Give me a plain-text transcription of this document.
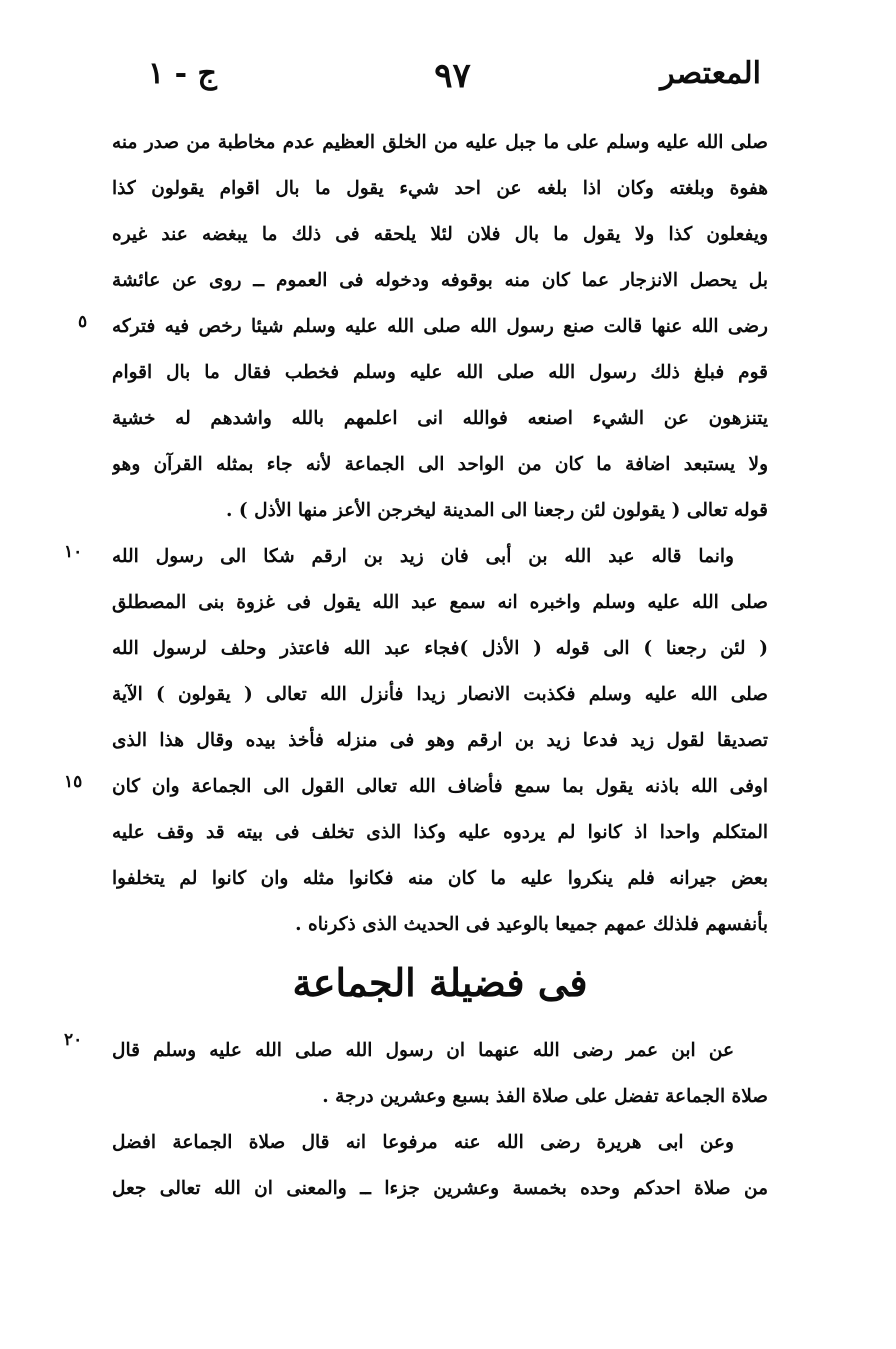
ج - ١	٩٧	المعتصر
صلى الله عليه وسلم على ما جبل عليه من الخلق العظيم عدم مخاطبة من صدر منه
هفوة وبلغته وكان اذا بلغه عن احد شيء يقول ما بال اقوام يقولون كذا
ويفعلون كذا ولا يقول ما بال فلان لئلا يلحقه فى ذلك ما يبغضه عند غيره
بل يحصل الانزجار عما كان منه بوقوفه ودخوله فى العموم ــ روى عن عائشة
رضى الله عنها قالت صنع رسول الله صلى الله عليه وسلم شيئا رخص فيه فتركه
قوم فبلغ ذلك رسول الله صلى الله عليه وسلم فخطب فقال ما بال اقوام
يتنزهون عن الشيء اصنعه فوالله انى اعلمهم بالله واشدهم له خشية
ولا يستبعد اضافة ما كان من الواحد الى الجماعة لأنه جاء بمثله القرآن وهو
قوله تعالى ( يقولون لئن رجعنا الى المدينة ليخرجن الأعز منها الأذل ) .
وانما قاله عبد الله بن أبى فان زيد بن ارقم شكا الى رسول الله
صلى الله عليه وسلم واخبره انه سمع عبد الله يقول فى غزوة بنى المصطلق
( لئن رجعنا ) الى قوله ( الأذل )فجاء عبد الله فاعتذر وحلف لرسول الله
صلى الله عليه وسلم فكذبت الانصار زيدا فأنزل الله تعالى ( يقولون ) الآية
تصديقا لقول زيد فدعا زيد بن ارقم وهو فى منزله فأخذ بيده وقال هذا الذى
اوفى الله باذنه يقول بما سمع فأضاف الله تعالى القول الى الجماعة وان كان
المتكلم واحدا اذ كانوا لم يردوه عليه وكذا الذى تخلف فى بيته قد وقف عليه
بعض جيرانه فلم ينكروا عليه ما كان منه فكانوا مثله وان كانوا لم يتخلفوا
بأنفسهم فلذلك عمهم جميعا بالوعيد فى الحديث الذى ذكرناه .
فى فضيلة الجماعة
عن ابن عمر رضى الله عنهما ان رسول الله صلى الله عليه وسلم قال
صلاة الجماعة تفضل على صلاة الفذ بسبع وعشرين درجة .
وعن ابى هريرة رضى الله عنه مرفوعا انه قال صلاة الجماعة افضل
من صلاة احدكم وحده بخمسة وعشرين جزءا ــ والمعنى ان الله تعالى جعل
٥
١٠
١٥
٢٠
